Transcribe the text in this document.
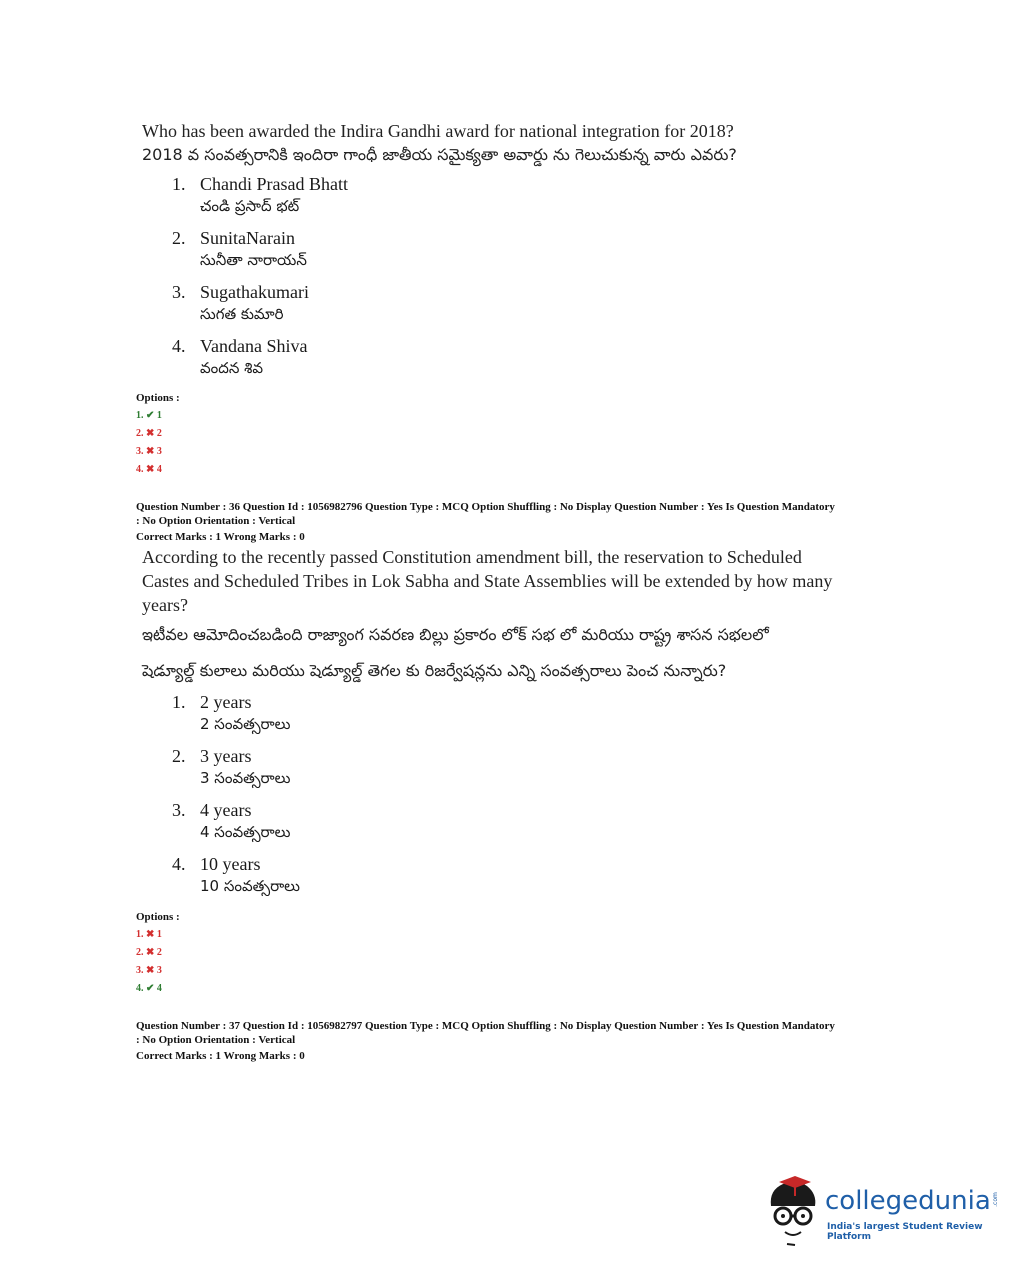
Who has been awarded the Indira Gandhi award for national integration for 2018?
2018 వ సంవత్సరానికి ఇందిరా గాంధీ జాతీయ సమైక్యతా అవార్డు ను గెలుచుకున్న వారు ఎవరు?
1. Chandi Prasad Bhatt
చండి ప్రసాద్ భట్
2. SunitaNarain
సునీతా నారాయన్
3. Sugathakumari
సుగత కుమారి
4. Vandana Shiva
వందన శివ
Options :
1. ✔ 1
2. ✖ 2
3. ✖ 3
4. ✖ 4
Question Number : 36 Question Id : 1056982796 Question Type : MCQ Option Shuffling : No Display Question Number : Yes Is Question Mandatory
: No Option Orientation : Vertical
Correct Marks : 1 Wrong Marks : 0
According to the recently passed Constitution amendment bill, the reservation to Scheduled
Castes and Scheduled Tribes in Lok Sabha and State Assemblies will be extended by how many
years?
ఇటీవల ఆమోదించబడింది రాజ్యాంగ సవరణ బిల్లు ప్రకారం లోక్ సభ లో మరియు రాష్ట్ర శాసన సభలలో
షెడ్యూల్డ్ కులాలు మరియు షెడ్యూల్డ్ తెగల కు రిజర్వేషన్లను ఎన్ని సంవత్సరాలు పెంచ నున్నారు?
1. 2 years
2 సంవత్సరాలు
2. 3 years
3 సంవత్సరాలు
3. 4 years
4 సంవత్సరాలు
4. 10 years
10 సంవత్సరాలు
Options :
1. ✖ 1
2. ✖ 2
3. ✖ 3
4. ✔ 4
Question Number : 37 Question Id : 1056982797 Question Type : MCQ Option Shuffling : No Display Question Number : Yes Is Question Mandatory
: No Option Orientation : Vertical
Correct Marks : 1 Wrong Marks : 0
collegedunia .com
India's largest Student Review Platform
